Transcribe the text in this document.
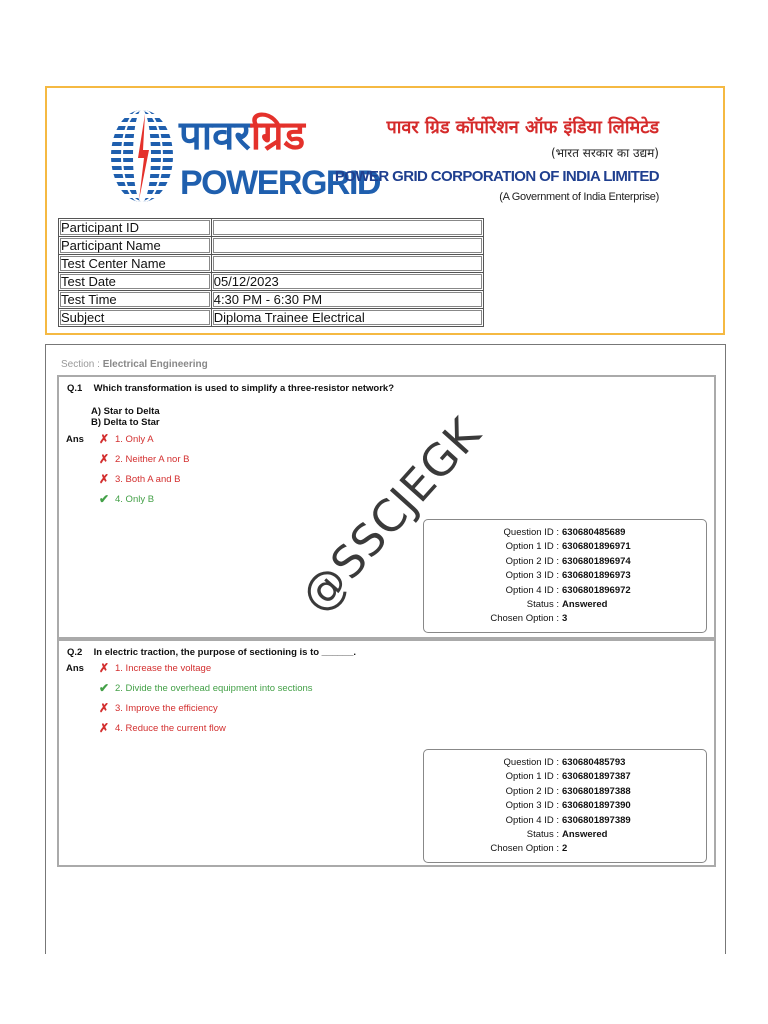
पावरग्रिड
POWERGRID
पावर ग्रिड कॉर्पोरेशन ऑफ इंडिया लिमिटेड
(भारत सरकार का उद्यम)
POWER GRID CORPORATION OF INDIA LIMITED
(A Government of India Enterprise)
Participant ID	
Participant Name	
Test Center Name	
Test Date	05/12/2023
Test Time	4:30 PM - 6:30 PM
Subject	Diploma Trainee Electrical
Section : Electrical Engineering
Q.1 Which transformation is used to simplify a three-resistor network?
A) Star to Delta
B) Delta to Star
Ans ✗ 1. Only A
✗ 2. Neither A nor B
✗ 3. Both A and B
✔ 4. Only B
Question ID : 630680485689
Option 1 ID : 6306801896971
Option 2 ID : 6306801896974
Option 3 ID : 6306801896973
Option 4 ID : 6306801896972
Status : Answered
Chosen Option : 3
Q.2 In electric traction, the purpose of sectioning is to ______.
Ans ✗ 1. Increase the voltage
✔ 2. Divide the overhead equipment into sections
✗ 3. Improve the efficiency
✗ 4. Reduce the current flow
Question ID : 630680485793
Option 1 ID : 6306801897387
Option 2 ID : 6306801897388
Option 3 ID : 6306801897390
Option 4 ID : 6306801897389
Status : Answered
Chosen Option : 2
@SSCJEGK
